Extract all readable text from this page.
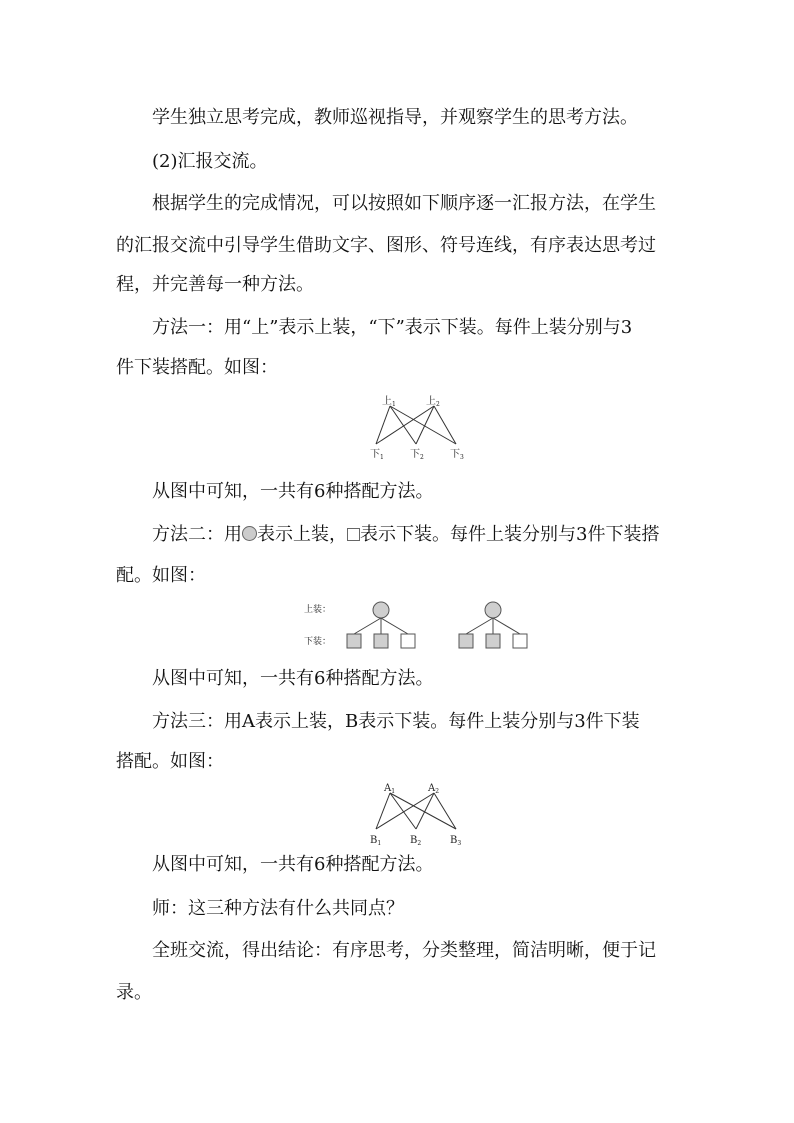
学生独立思考完成，教师巡视指导，并观察学生的思考方法。
(2)汇报交流。
根据学生的完成情况，可以按照如下顺序逐一汇报方法，在学生
的汇报交流中引导学生借助文字、图形、符号连线，有序表达思考过
程，并完善每一种方法。
方法一：用“上”表示上装，“下”表示下装。每件上装分别与3
件下装搭配。如图：
上$_1$	上$_2$
下$_1$	下$_2$	下$_3$
从图中可知，一共有6种搭配方法。
方法二：用 表示上装， 表示下装。每件上装分别与3件下装搭
配。如图：
上装：
下装：
从图中可知，一共有6种搭配方法。
方法三：用A表示上装，B表示下装。每件上装分别与3件下装
搭配。如图：
$A_1$	$A_2$
$B_1$	$B_2$	$B_3$
从图中可知，一共有6种搭配方法。
师：这三种方法有什么共同点？
全班交流，得出结论：有序思考，分类整理，简洁明晰，便于记
录。
